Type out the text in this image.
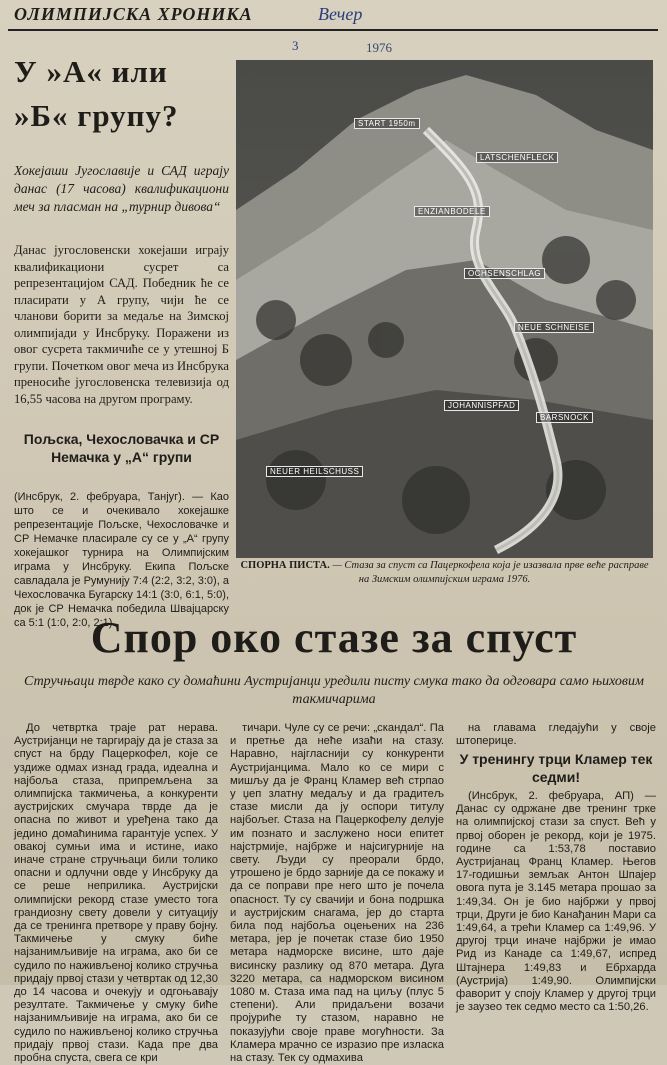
ОЛИМПИЈСКА ХРОНИКА	Вечер
3	1976
У »А« или »Б« групу?
Хокејаши Југославије и САД играју данас (17 часова) квалификациони меч за пласман на „турнир дивова“
Данас југословенски хокејаши играју квалификациони сусрет са репрезентацијом САД. Победник ће се пласирати у А групу, чији ће се чланови борити за медаље на Зимској олимпијади у Инсбруку. Поражени из овог сусрета такмичиће се у утешној Б групи. Почетком овог меча из Инсбрука преносиће југословенска телевизија од 16,55 часова на другом програму.
Пољска, Чехословачка и СР Немачка у „А“ групи
(Инсбрук, 2. фебруара, Танјуг). — Као што се и очекивало хокејашке репрезентације Пољске, Чехословачке и СР Немачке пласирале су се у „А“ групу хокејашког турнира на Олимпијским играма у Инсбруку. Екипа Пољске савладала је Румунију 7:4 (2:2, 3:2, 3:0), а Чехословачка Бугарску 14:1 (3:0, 6:1, 5:0), док је СР Немачка победила Швајцарску са 5:1 (1:0, 2:0, 2:1).
START 1950m
LATSCHENFLECK
ENZIANBODELE
OCHSENSCHLAG
NEUE SCHNEISE
JOHANNISPFAD
BARSNOCK
NEUER HEILSCHUSS
СПОРНА ПИСТА. — Стаза за спуст са Пацеркофела која је изазвала прве веће расправе на Зимским олимпијским играма 1976.
Спор око стазе за спуст
Стручњаци тврде како су домаћини Аустријанци уредили писту смука тако да одговара само њиховим такмичарима

До четвртка траје рат нерава. Аустријанци не таргирају да је стаза за спуст на брду Пацеркофел, које се уздиже одмах изнад града, идеална и најбоља стаза, припремљена за олимпијска такмичења, а конкуренти аустријских смучара тврде да је опасна по живот и уређена тако да једино домаћинима гарантује успех. У овакој сумњи има и истине, иако иначе стране стручњаци били толико опасни и одлучни овде у Инсбруку да се реше неприлика. Аустријски олимпијски рекорд стазе уместо тога грандиозну свету довели у ситуацију да се тренинга претворе у праву бојну. Такмичење у смуку биће најзанимљивије на играма, ако би се судило по наживљеној колико стручња придају првој стази у четвртак од 12,30 до 14 часова и очекују и одгоњавају резултате. Такмичење у смуку биће најзанимљивије на играма, ако би се судило по наживљеној колико стручња придају првој стази. Када пре два пробна спуста, свега се кри

тичари. Чуле су се речи: „скандал“. Па и претње да неће изаћи на стазу. Наравно, најгласнији су конкуренти Аустријанцима. Мало ко се мири с мишљу да је Франц Кламер већ стрпао у џеп златну медаљу и да градитељ стазе мисли да ју оспори титулу најбољег. Стаза на Пацеркофелу делује им познато и заслужено носи епитет најстрмије, најбрже и најсигурније на свету. Људи су преорали брдо, утрошено је брдо зарније да се покажу и да се поправи пре него што је почела опасност. Ту су свачији и бона подршка и аустријским снагама, јер до старта била под најбоља оцењених на 236 метара, јер је почетак стазе био 1950 метара надморске висине, што даје висинску разлику од 870 метара. Дуга 3220 метара, са надморском висином 1080 м. Стаза има пад на циљу (плус 5 степени). Али придаљени возачи пројуриће ту стазом, наравно не показујући своје праве могућности. За Кламера мрачно се изразио пре изласка на стазу. Тек су одмахива

на главама гледајући у своје штоперице.

У тренингу трци Кламер тек седми!

(Инсбрук, 2. фебруара, АП) — Данас су одржане две тренинг трке на олимпијској стази за спуст. Већ у првој оборен је рекорд, који је 1975. године са 1:53,78 поставио Аустријанац Франц Кламер. Његов 17-годишњи земљак Антон Шпајер овога пута је 3.145 метара прошао за 1:49,34. Он је био најбржи у првој трци, Други је био Канађанин Мари са 1:49,64, а трећи Кламер са 1:49,96. У другој трци иначе најбржи је имао Рид из Канаде са 1:49,67, испред Штајнера 1:49,83 и Ебрхарда (Аустрија) 1:49,90. Олимпијски фаворит у споју Кламер у другој трци је заузео тек седмо место са 1:50,26.
